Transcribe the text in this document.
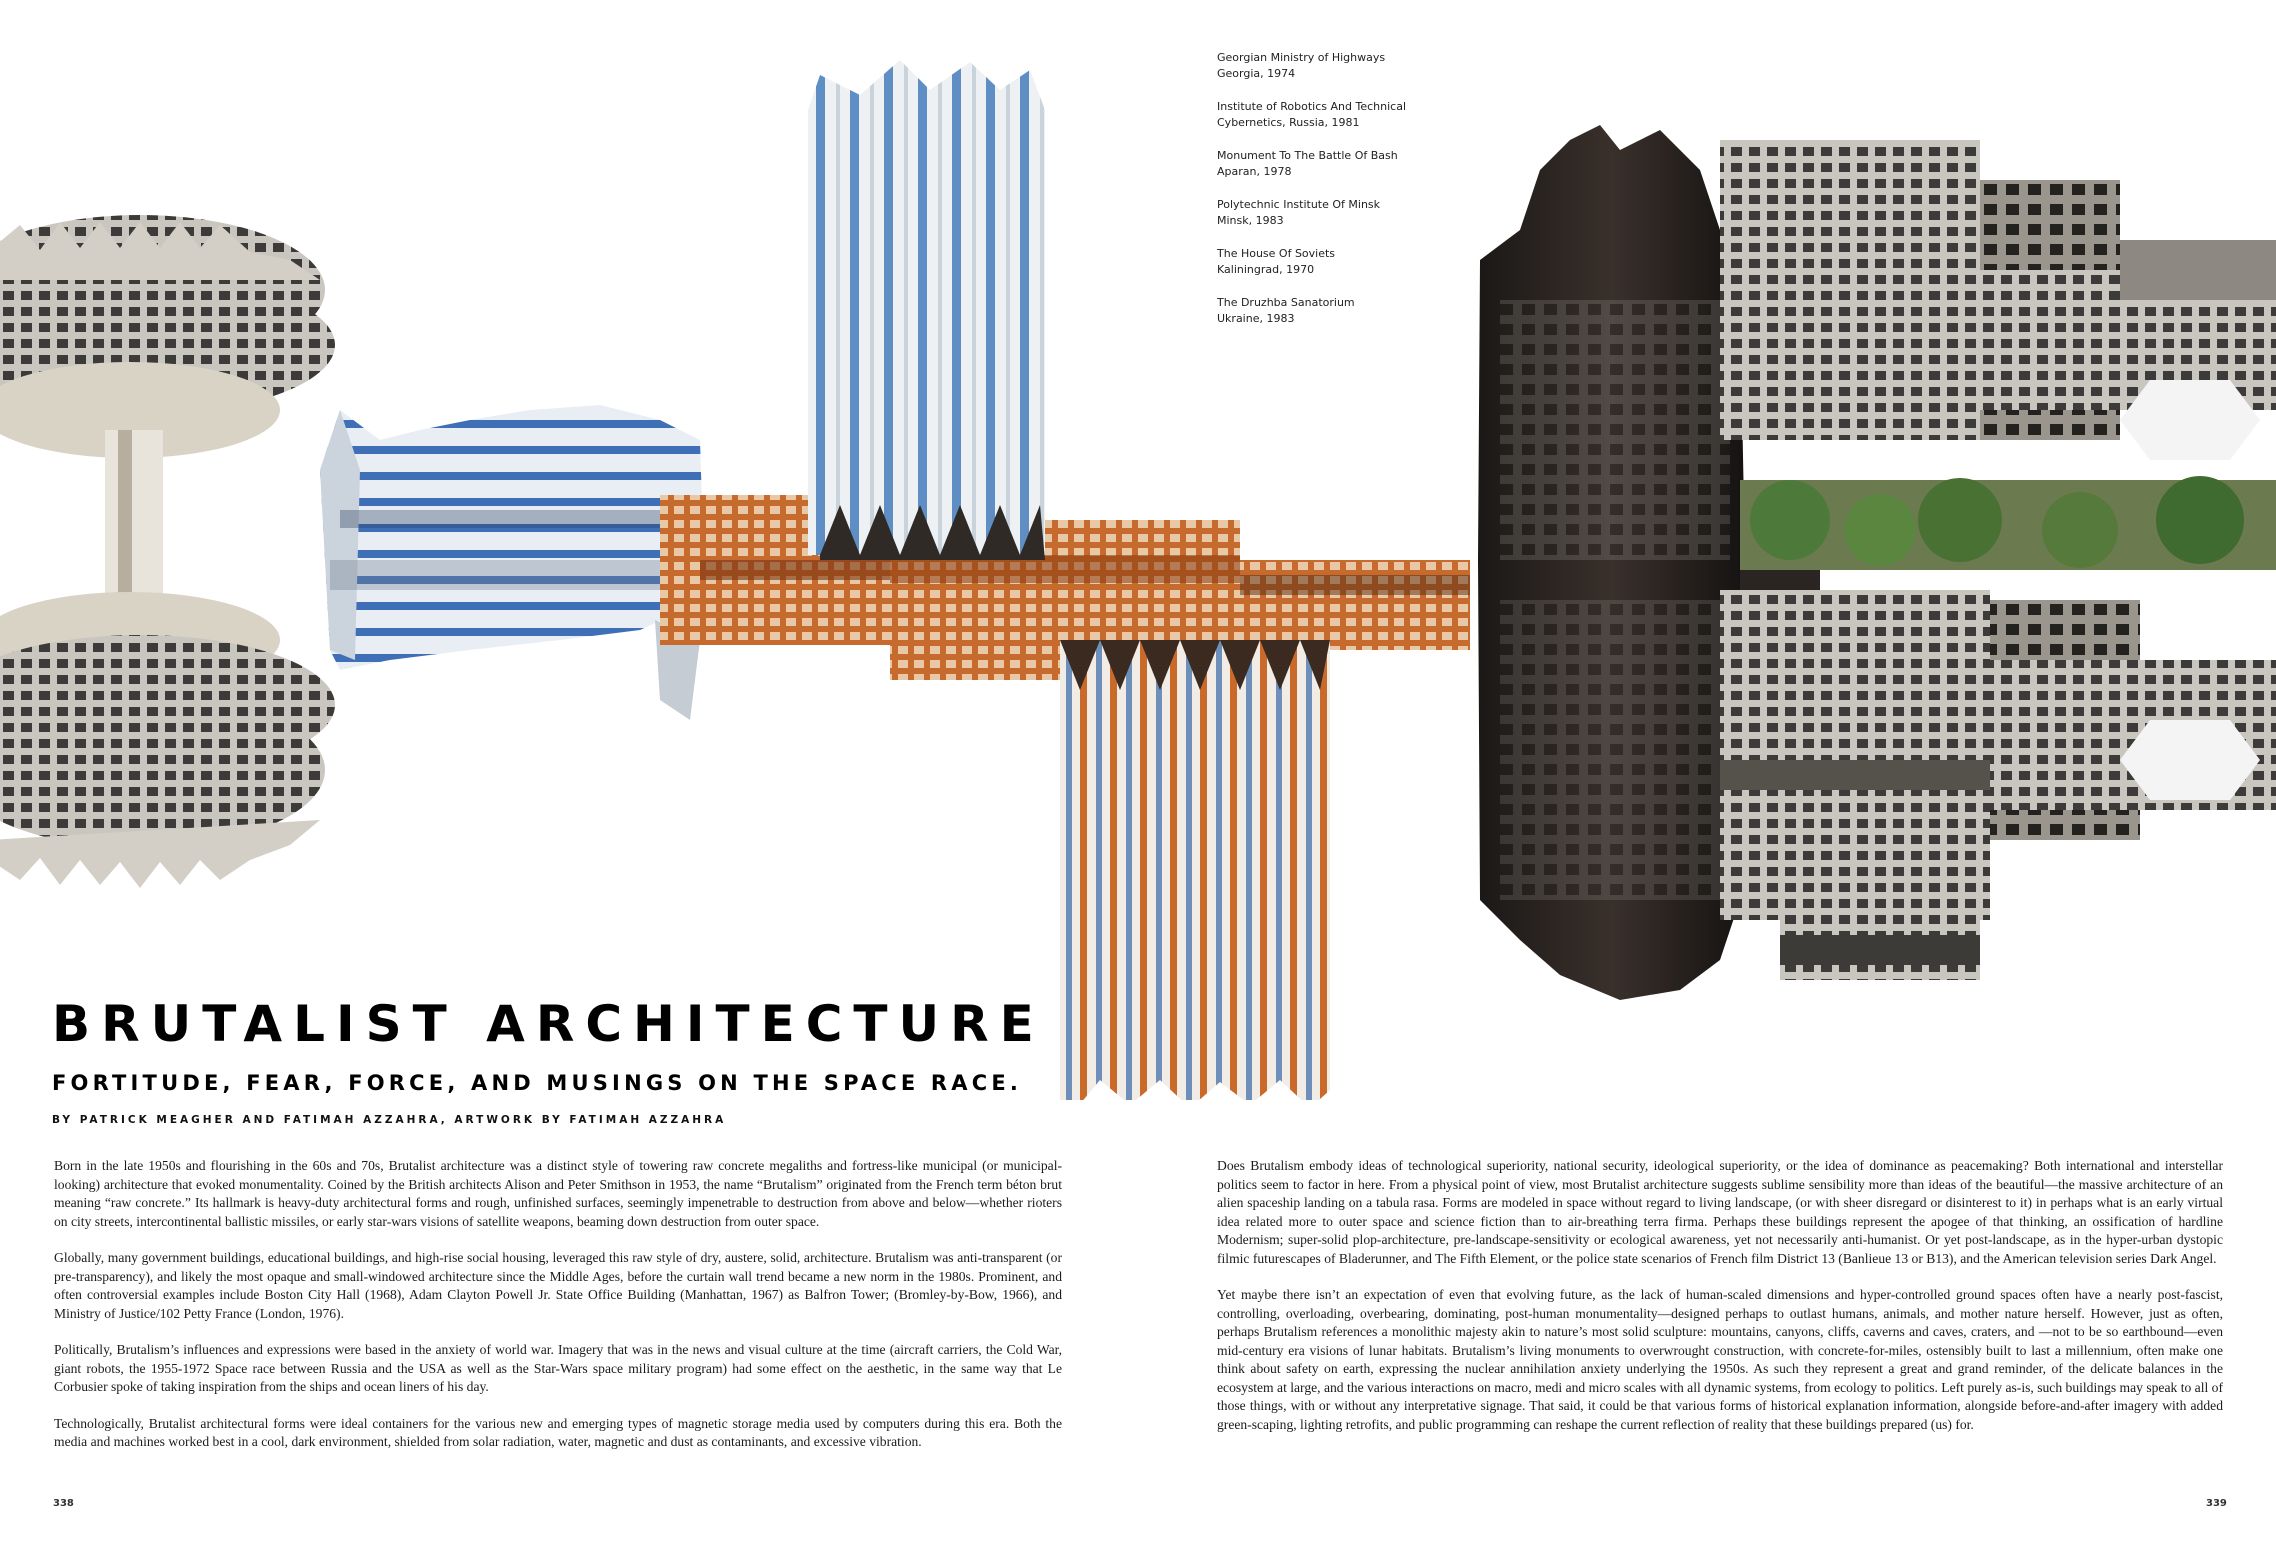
Georgian Ministry of Highways
Georgia, 1974
Institute of Robotics And Technical
Cybernetics, Russia, 1981
Monument To The Battle Of Bash
Aparan, 1978
Polytechnic Institute Of Minsk
Minsk, 1983
The House Of Soviets
Kaliningrad, 1970
The Druzhba Sanatorium
Ukraine, 1983
BRUTALIST ARCHITECTURE
FORTITUDE, FEAR, FORCE, AND MUSINGS ON THE SPACE RACE.
BY PATRICK MEAGHER AND FATIMAH AZZAHRA, ARTWORK BY FATIMAH AZZAHRA

Born in the late 1950s and flourishing in the 60s and 70s, Brutalist architecture was a distinct style of towering raw concrete megaliths and fortress-like municipal (or municipal-looking) architecture that evoked monumentality. Coined by the British architects Alison and Peter Smithson in 1953, the name “Brutalism” originated from the French term béton brut meaning “raw concrete.” Its hallmark is heavy-duty architectural forms and rough, unfinished surfaces, seemingly impenetrable to destruction from above and below—whether rioters on city streets, intercontinental ballistic missiles, or early star-wars visions of satellite weapons, beaming down destruction from outer space.

Globally, many government buildings, educational buildings, and high-rise social housing, leveraged this raw style of dry, austere, solid, architecture. Brutalism was anti-transparent (or pre-transparency), and likely the most opaque and small-windowed architecture since the Middle Ages, before the curtain wall trend became a new norm in the 1980s. Prominent, and often controversial examples include Boston City Hall (1968), Adam Clayton Powell Jr. State Office Building (Manhattan, 1967) as Balfron Tower; (Bromley-by-Bow, 1966), and Ministry of Justice/102 Petty France (London, 1976).

Politically, Brutalism’s influences and expressions were based in the anxiety of world war. Imagery that was in the news and visual culture at the time (aircraft carriers, the Cold War, giant robots, the 1955-1972 Space race between Russia and the USA as well as the Star-Wars space military program) had some effect on the aesthetic, in the same way that Le Corbusier spoke of taking inspiration from the ships and ocean liners of his day.

Technologically, Brutalist architectural forms were ideal containers for the various new and emerging types of magnetic storage media used by computers during this era. Both the media and machines worked best in a cool, dark environment, shielded from solar radiation, water, magnetic and dust as contaminants, and excessive vibration.

Does Brutalism embody ideas of technological superiority, national security, ideological superiority, or the idea of dominance as peacemaking? Both international and interstellar politics seem to factor in here. From a physical point of view, most Brutalist architecture suggests sublime sensibility more than ideas of the beautiful—the massive architecture of an alien spaceship landing on a tabula rasa. Forms are modeled in space without regard to living landscape, (or with sheer disregard or disinterest to it) in perhaps what is an early virtual idea related more to outer space and science fiction than to air-breathing terra firma. Perhaps these buildings represent the apogee of that thinking, an ossification of hardline Modernism; super-solid plop-architecture, pre-landscape-sensitivity or ecological awareness, yet not necessarily anti-humanist. Or yet post-landscape, as in the hyper-urban dystopic filmic futurescapes of Bladerunner, and The Fifth Element, or the police state scenarios of French film District 13 (Banlieue 13 or B13), and the American television series Dark Angel.

Yet maybe there isn’t an expectation of even that evolving future, as the lack of human-scaled dimensions and hyper-controlled ground spaces often have a nearly post-fascist, controlling, overloading, overbearing, dominating, post-human monumentality—designed perhaps to outlast humans, animals, and mother nature herself. However, just as often, perhaps Brutalism references a monolithic majesty akin to nature’s most solid sculpture: mountains, canyons, cliffs, caverns and caves, craters, and —not to be so earthbound—even mid-century era visions of lunar habitats. Brutalism’s living monuments to overwrought construction, with concrete-for-miles, ostensibly built to last a millennium, often make one think about safety on earth, expressing the nuclear annihilation anxiety underlying the 1950s. As such they represent a great and grand reminder, of the delicate balances in the ecosystem at large, and the various interactions on macro, medi and micro scales with all dynamic systems, from ecology to politics. Left purely as-is, such buildings may speak to all of those things, with or without any interpretative signage. That said, it could be that various forms of historical explanation information, alongside before-and-after imagery with added green-scaping, lighting retrofits, and public programming can reshape the current reflection of reality that these buildings prepared (us) for.

338	339
